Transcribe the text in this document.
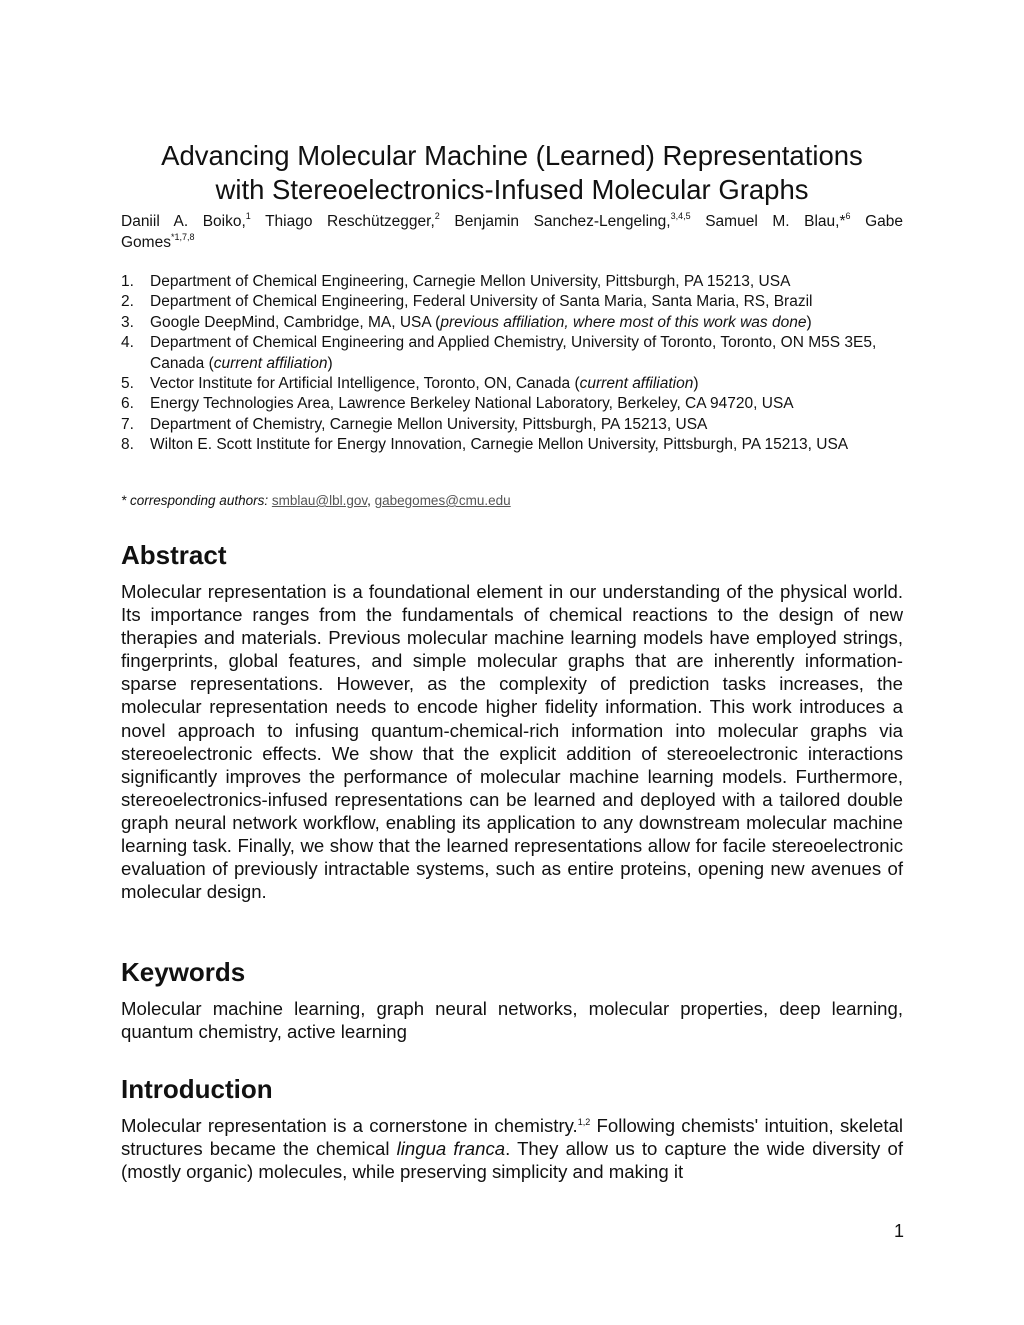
Advancing Molecular Machine (Learned) Representations
with Stereoelectronics-Infused Molecular Graphs
Daniil A. Boiko,$^1$ Thiago Reschützegger,$^2$ Benjamin Sanchez-Lengeling,$^{3,4,5}$ Samuel M. Blau,*$^6$ Gabe
Gomes$^{*1,7,8}$
1. Department of Chemical Engineering, Carnegie Mellon University, Pittsburgh, PA 15213, USA
2. Department of Chemical Engineering, Federal University of Santa Maria, Santa Maria, RS, Brazil
3. Google DeepMind, Cambridge, MA, USA (previous affiliation, where most of this work was done)
4. Department of Chemical Engineering and Applied Chemistry, University of Toronto, Toronto, ON M5S 3E5, Canada (current affiliation)
5. Vector Institute for Artificial Intelligence, Toronto, ON, Canada (current affiliation)
6. Energy Technologies Area, Lawrence Berkeley National Laboratory, Berkeley, CA 94720, USA
7. Department of Chemistry, Carnegie Mellon University, Pittsburgh, PA 15213, USA
8. Wilton E. Scott Institute for Energy Innovation, Carnegie Mellon University, Pittsburgh, PA 15213, USA
* corresponding authors: smblau@lbl.gov, gabegomes@cmu.edu
Abstract

Molecular representation is a foundational element in our understanding of the physical world. Its importance ranges from the fundamentals of chemical reactions to the design of new therapies and materials. Previous molecular machine learning models have employed strings, fingerprints, global features, and simple molecular graphs that are inherently information-sparse representations. However, as the complexity of prediction tasks increases, the molecular representation needs to encode higher fidelity information. This work introduces a novel approach to infusing quantum-chemical-rich information into molecular graphs via stereoelectronic effects. We show that the explicit addition of stereoelectronic interactions significantly improves the performance of molecular machine learning models. Furthermore, stereoelectronics-infused representations can be learned and deployed with a tailored double graph neural network workflow, enabling its application to any downstream molecular machine learning task. Finally, we show that the learned representations allow for facile stereoelectronic evaluation of previously intractable systems, such as entire proteins, opening new avenues of molecular design.

Keywords

Molecular machine learning, graph neural networks, molecular properties, deep learning, quantum chemistry, active learning

Introduction

Molecular representation is a cornerstone in chemistry.$^{1,2}$ Following chemists' intuition, skeletal structures became the chemical lingua franca. They allow us to capture the wide diversity of (mostly organic) molecules, while preserving simplicity and making it

1
